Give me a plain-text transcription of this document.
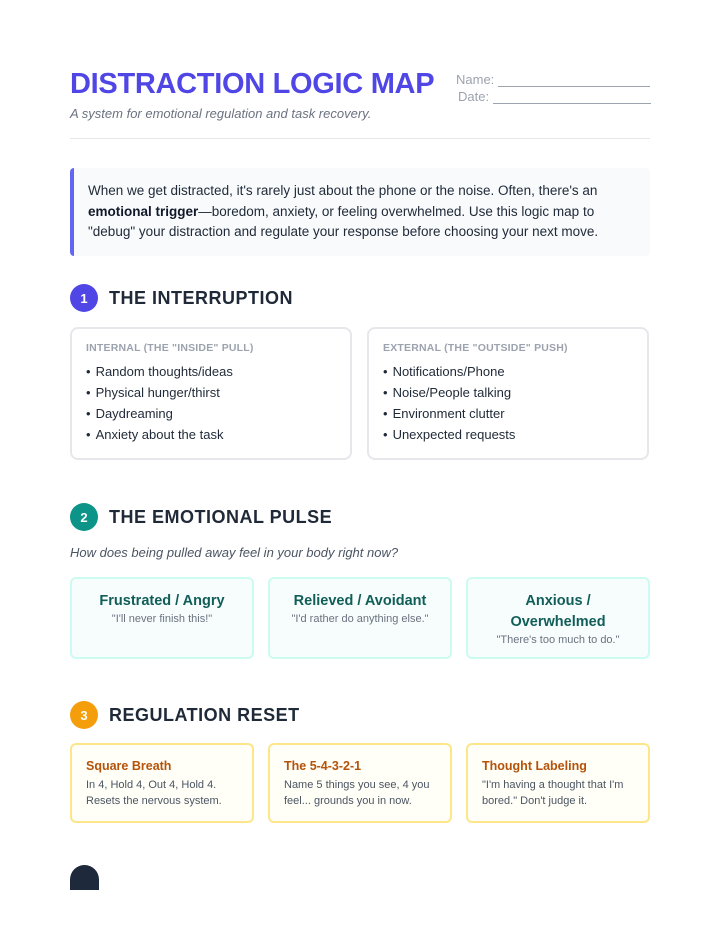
DISTRACTION LOGIC MAP
A system for emotional regulation and task recovery.
Name:
Date:
When we get distracted, it's rarely just about the phone or the noise. Often, there's an emotional trigger—boredom, anxiety, or feeling overwhelmed. Use this logic map to "debug" your distraction and regulate your response before choosing your next move.
1	THE INTERRUPTION
INTERNAL (THE "INSIDE" PULL)
• Random thoughts/ideas
• Physical hunger/thirst
• Daydreaming
• Anxiety about the task
EXTERNAL (THE "OUTSIDE" PUSH)
• Notifications/Phone
• Noise/People talking
• Environment clutter
• Unexpected requests
2	THE EMOTIONAL PULSE
How does being pulled away feel in your body right now?
Frustrated / Angry
"I'll never finish this!"
Relieved / Avoidant
"I'd rather do anything else."
Anxious / Overwhelmed
"There's too much to do."
3	REGULATION RESET
Square Breath
In 4, Hold 4, Out 4, Hold 4. Resets the nervous system.
The 5-4-3-2-1
Name 5 things you see, 4 you feel... grounds you in now.
Thought Labeling
"I'm having a thought that I'm bored." Don't judge it.
